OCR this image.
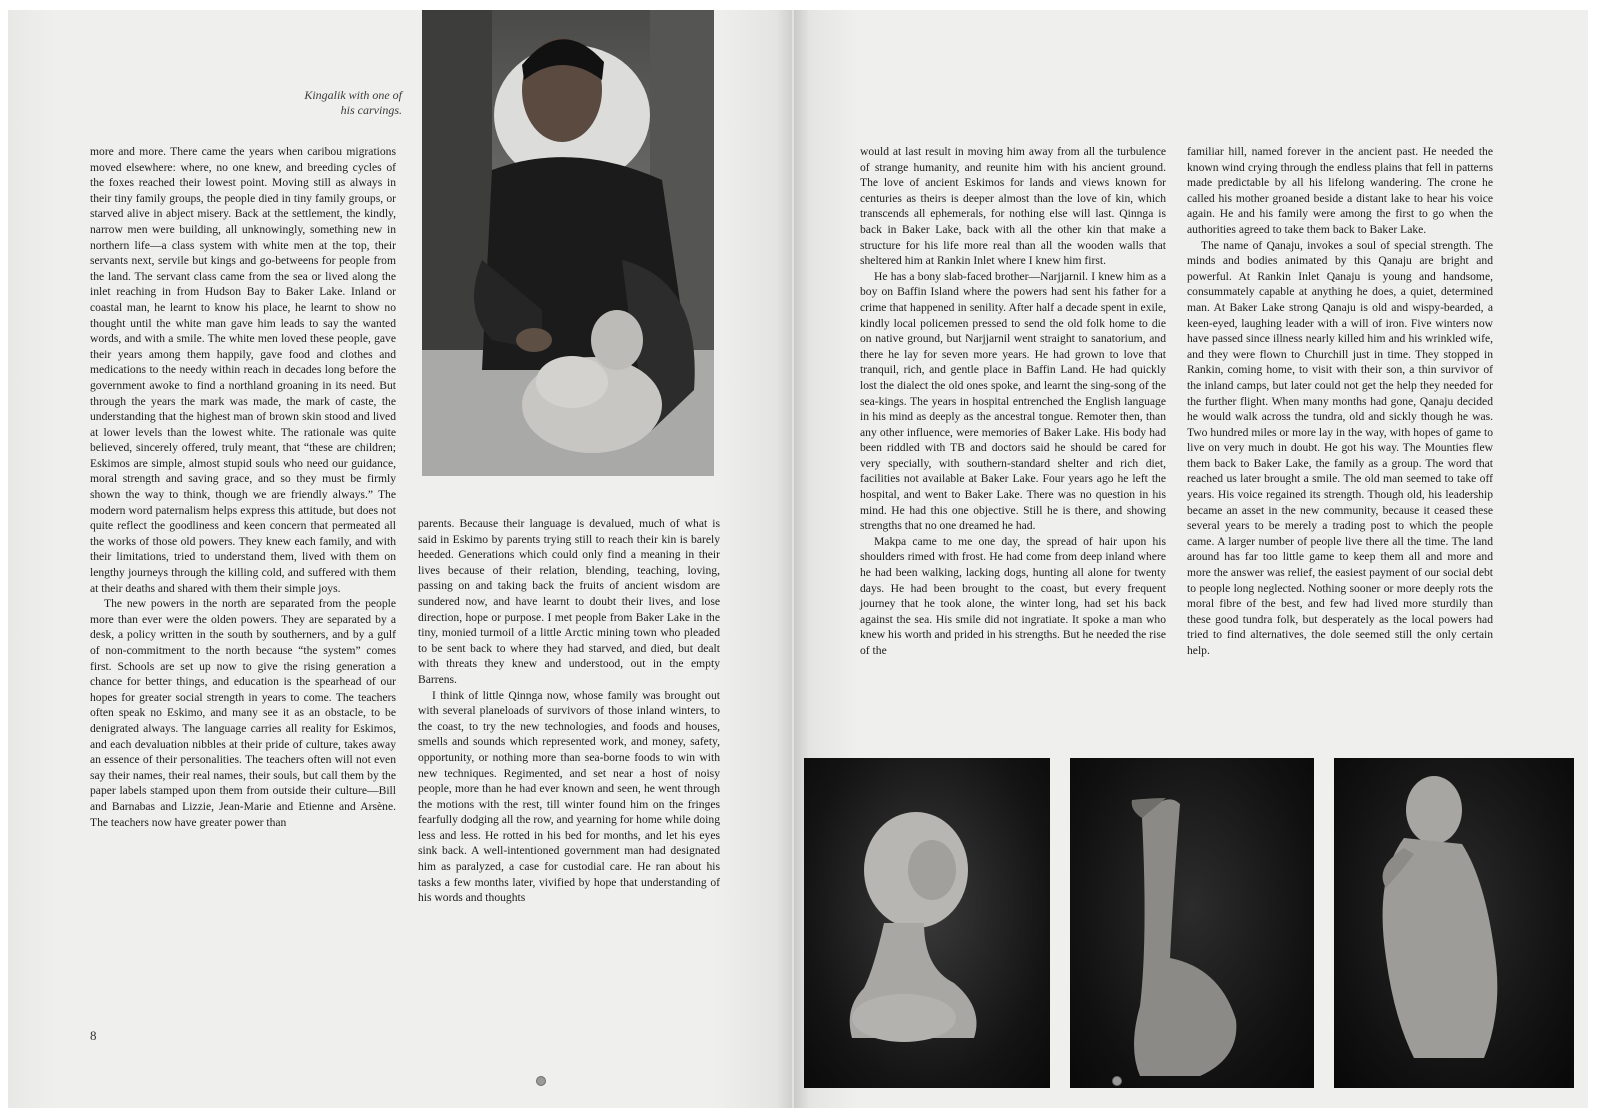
Kingalik with one of his carvings.

more and more. There came the years when caribou migrations moved elsewhere: where, no one knew, and breeding cycles of the foxes reached their lowest point. Moving still as always in their tiny family groups, the people died in tiny family groups, or starved alive in abject misery. Back at the settlement, the kindly, narrow men were building, all unknowingly, something new in northern life—a class system with white men at the top, their servants next, servile but kings and go-betweens for people from the land. The servant class came from the sea or lived along the inlet reaching in from Hudson Bay to Baker Lake. Inland or coastal man, he learnt to know his place, he learnt to show no thought until the white man gave him leads to say the wanted words, and with a smile. The white men loved these people, gave their years among them happily, gave food and clothes and medications to the needy within reach in decades long before the government awoke to find a northland groaning in its need. But through the years the mark was made, the mark of caste, the understanding that the highest man of brown skin stood and lived at lower levels than the lowest white. The rationale was quite believed, sincerely offered, truly meant, that “these are children; Eskimos are simple, almost stupid souls who need our guidance, moral strength and saving grace, and so they must be firmly shown the way to think, though we are friendly always.” The modern word paternalism helps express this attitude, but does not quite reflect the goodliness and keen concern that permeated all the works of those old powers. They knew each family, and with their limitations, tried to understand them, lived with them on lengthy journeys through the killing cold, and suffered with them at their deaths and shared with them their simple joys.

The new powers in the north are separated from the people more than ever were the olden powers. They are separated by a desk, a policy written in the south by southerners, and by a gulf of non-commitment to the north because “the system” comes first. Schools are set up now to give the rising generation a chance for better things, and education is the spearhead of our hopes for greater social strength in years to come. The teachers often speak no Eskimo, and many see it as an obstacle, to be denigrated always. The language carries all reality for Eskimos, and each devaluation nibbles at their pride of culture, takes away an essence of their personalities. The teachers often will not even say their names, their real names, their souls, but call them by the paper labels stamped upon them from outside their culture—Bill and Barnabas and Lizzie, Jean-Marie and Etienne and Arsène. The teachers now have greater power than

parents. Because their language is devalued, much of what is said in Eskimo by parents trying still to reach their kin is barely heeded. Generations which could only find a meaning in their lives because of their relation, blending, teaching, loving, passing on and taking back the fruits of ancient wisdom are sundered now, and have learnt to doubt their lives, and lose direction, hope or purpose. I met people from Baker Lake in the tiny, monied turmoil of a little Arctic mining town who pleaded to be sent back to where they had starved, and died, but dealt with threats they knew and understood, out in the empty Barrens.

I think of little Qinnga now, whose family was brought out with several planeloads of survivors of those inland winters, to the coast, to try the new technologies, and foods and houses, smells and sounds which represented work, and money, safety, opportunity, or nothing more than sea-borne foods to win with new techniques. Regimented, and set near a host of noisy people, more than he had ever known and seen, he went through the motions with the rest, till winter found him on the fringes fearfully dodging all the row, and yearning for home while doing less and less. He rotted in his bed for months, and let his eyes sink back. A well-intentioned government man had designated him as paralyzed, a case for custodial care. He ran about his tasks a few months later, vivified by hope that understanding of his words and thoughts

8

would at last result in moving him away from all the turbulence of strange humanity, and reunite him with his ancient ground. The love of ancient Eskimos for lands and views known for centuries as theirs is deeper almost than the love of kin, which transcends all ephemerals, for nothing else will last. Qinnga is back in Baker Lake, back with all the other kin that make a structure for his life more real than all the wooden walls that sheltered him at Rankin Inlet where I knew him first.

He has a bony slab-faced brother—Narjjarnil. I knew him as a boy on Baffin Island where the powers had sent his father for a crime that happened in senility. After half a decade spent in exile, kindly local policemen pressed to send the old folk home to die on native ground, but Narjjarnil went straight to sanatorium, and there he lay for seven more years. He had grown to love that tranquil, rich, and gentle place in Baffin Land. He had quickly lost the dialect the old ones spoke, and learnt the sing-song of the sea-kings. The years in hospital entrenched the English language in his mind as deeply as the ancestral tongue. Remoter then, than any other influence, were memories of Baker Lake. His body had been riddled with TB and doctors said he should be cared for very specially, with southern-standard shelter and rich diet, facilities not available at Baker Lake. Four years ago he left the hospital, and went to Baker Lake. There was no question in his mind. He had this one objective. Still he is there, and showing strengths that no one dreamed he had.

Makpa came to me one day, the spread of hair upon his shoulders rimed with frost. He had come from deep inland where he had been walking, lacking dogs, hunting all alone for twenty days. He had been brought to the coast, but every frequent journey that he took alone, the winter long, had set his back against the sea. His smile did not ingratiate. It spoke a man who knew his worth and prided in his strengths. But he needed the rise of the

familiar hill, named forever in the ancient past. He needed the known wind crying through the endless plains that fell in patterns made predictable by all his lifelong wandering. The crone he called his mother groaned beside a distant lake to hear his voice again. He and his family were among the first to go when the authorities agreed to take them back to Baker Lake.

The name of Qanaju, invokes a soul of special strength. The minds and bodies animated by this Qanaju are bright and powerful. At Rankin Inlet Qanaju is young and handsome, consummately capable at anything he does, a quiet, determined man. At Baker Lake strong Qanaju is old and wispy-bearded, a keen-eyed, laughing leader with a will of iron. Five winters now have passed since illness nearly killed him and his wrinkled wife, and they were flown to Churchill just in time. They stopped in Rankin, coming home, to visit with their son, a thin survivor of the inland camps, but later could not get the help they needed for the further flight. When many months had gone, Qanaju decided he would walk across the tundra, old and sickly though he was. Two hundred miles or more lay in the way, with hopes of game to live on very much in doubt. He got his way. The Mounties flew them back to Baker Lake, the family as a group. The word that reached us later brought a smile. The old man seemed to take off years. His voice regained its strength. Though old, his leadership became an asset in the new community, because it ceased these several years to be merely a trading post to which the people came. A larger number of people live there all the time. The land around has far too little game to keep them all and more and more the answer was relief, the easiest payment of our social debt to people long neglected. Nothing sooner or more deeply rots the moral fibre of the best, and few had lived more sturdily than these good tundra folk, but desperately as the local powers had tried to find alternatives, the dole seemed still the only certain help.
